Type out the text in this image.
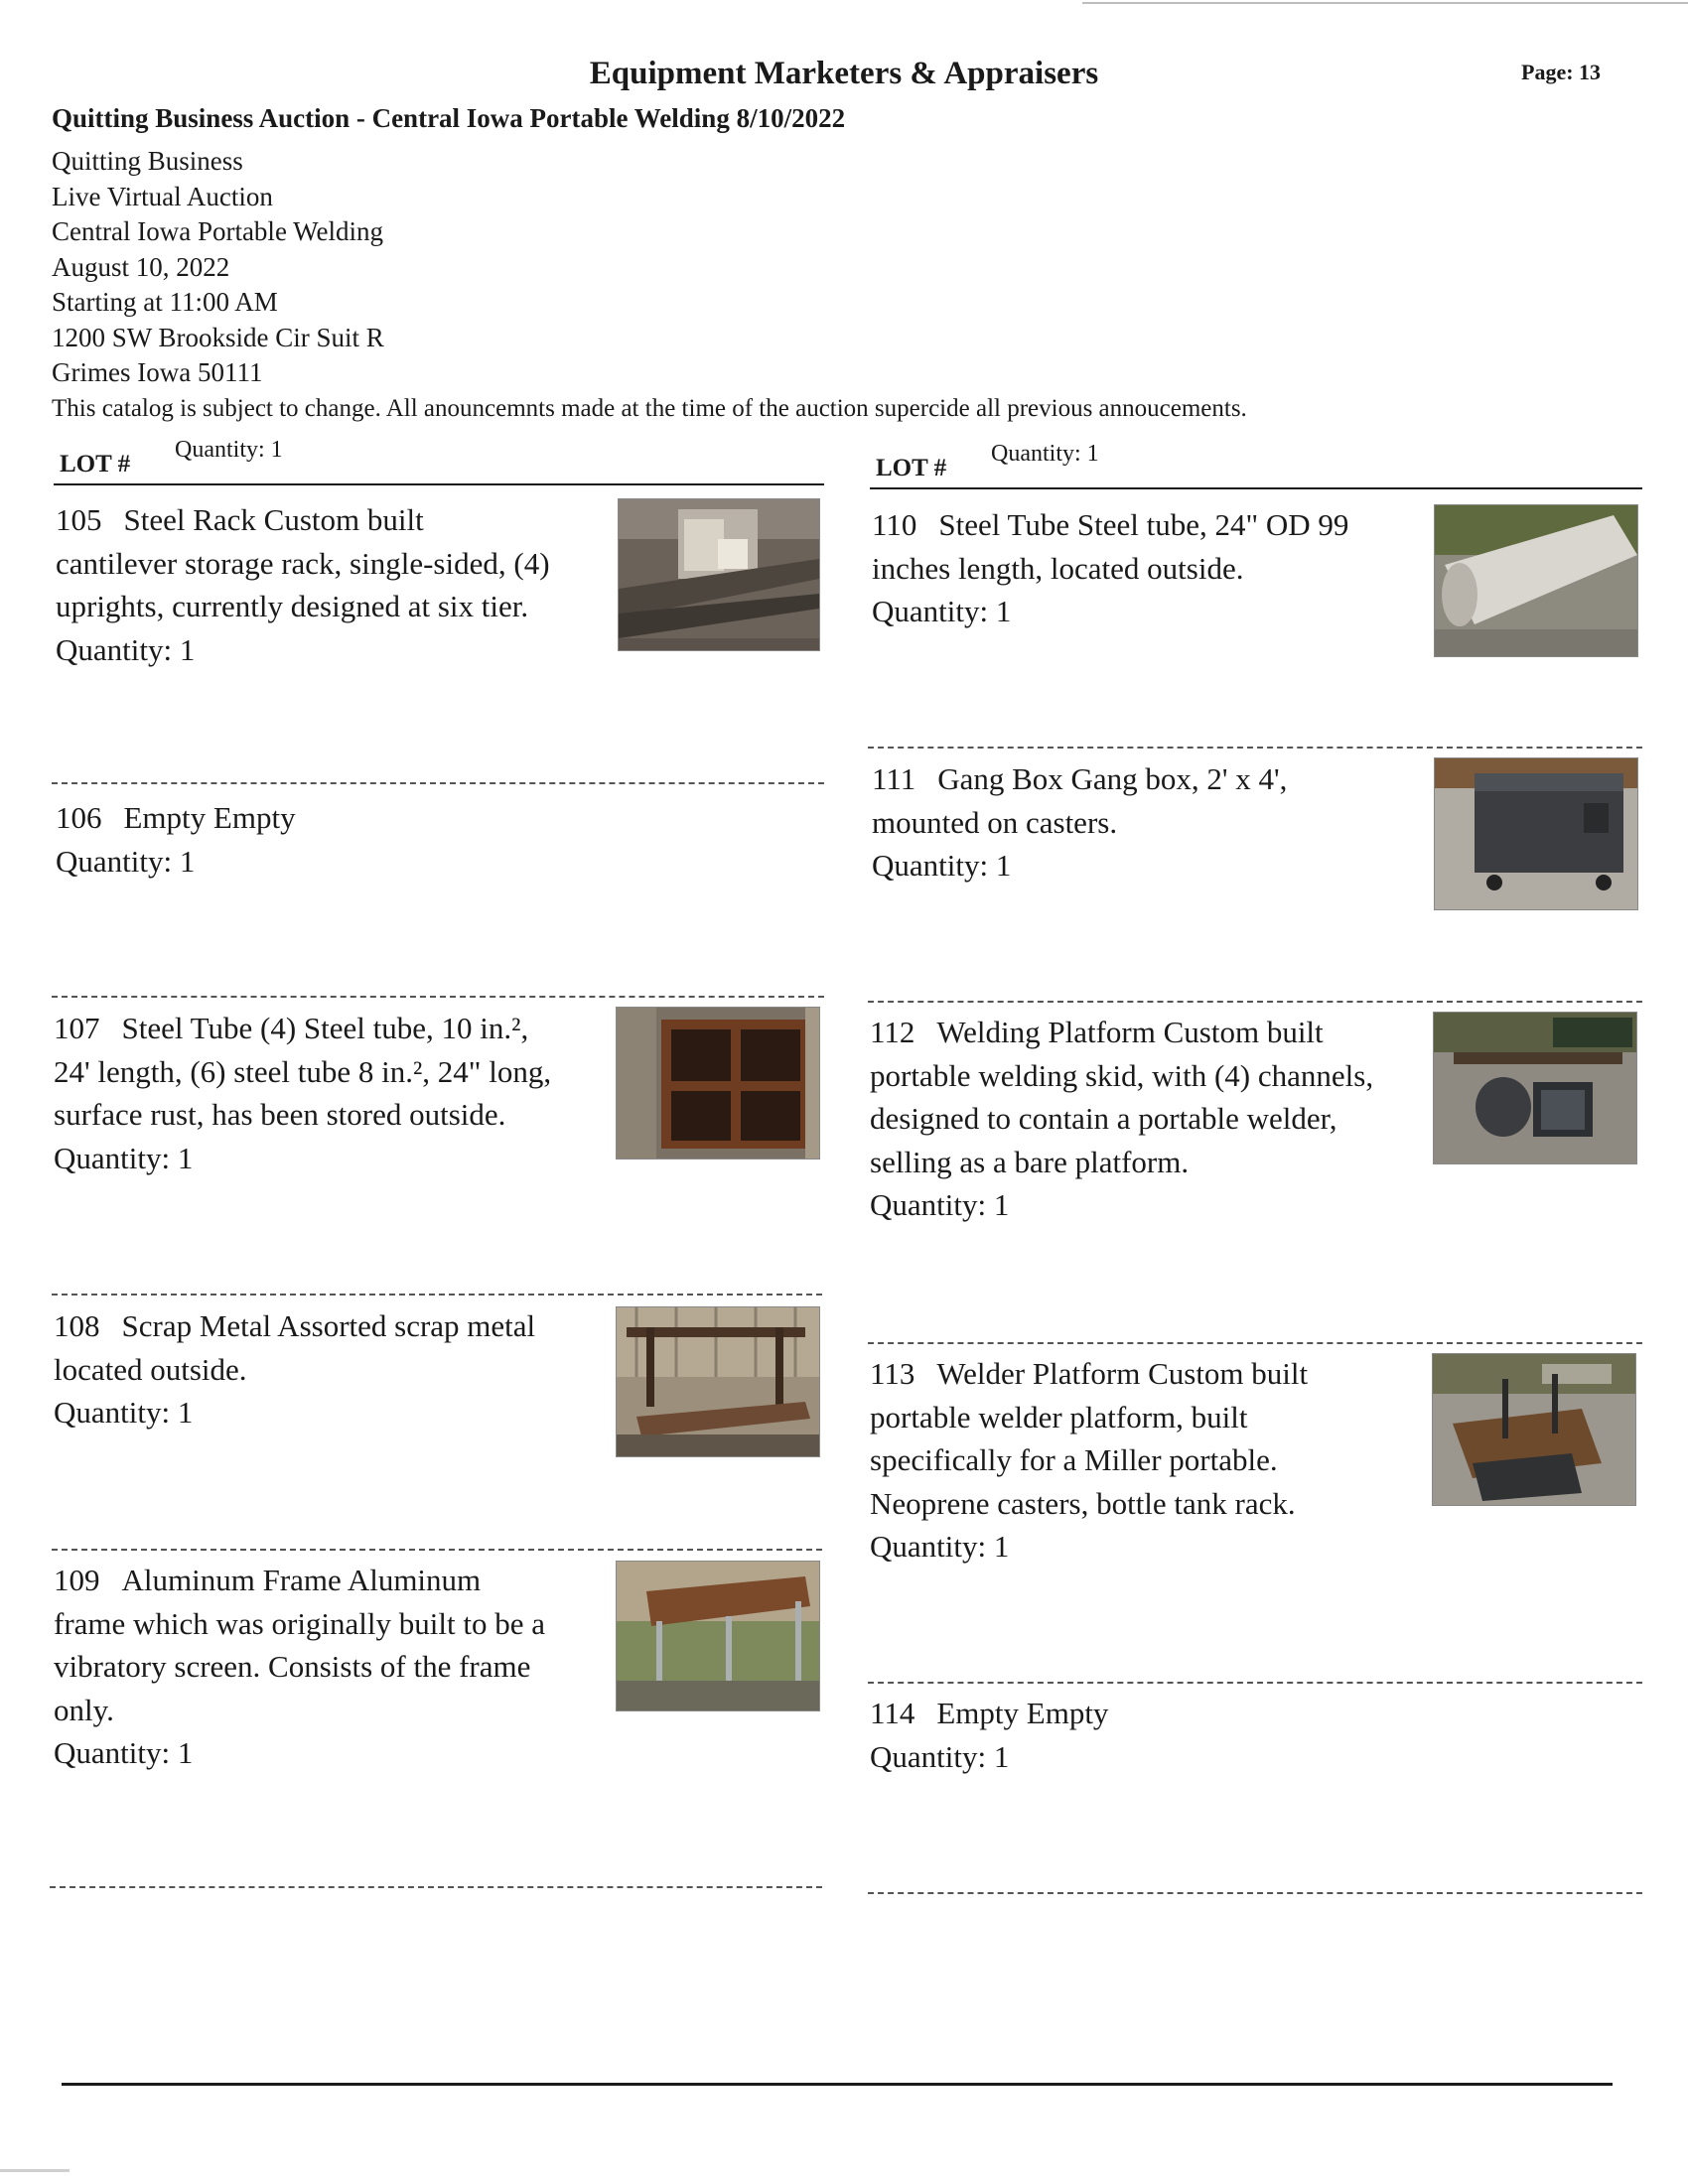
Equipment Marketers & Appraisers	Page: 13
Quitting Business Auction - Central Iowa Portable Welding 8/10/2022
Quitting Business
Live Virtual Auction
Central Iowa Portable Welding
August 10, 2022
Starting at 11:00 AM
1200 SW Brookside Cir Suit R
Grimes Iowa 50111
This catalog is subject to change. All anouncemnts made at the time of the auction supercide all previous annoucements.
LOT #
Quantity: 1
LOT #
Quantity: 1
105 Steel Rack Custom built
cantilever storage rack, single-sided, (4)
uprights, currently designed at six tier.
Quantity: 1
106 Empty Empty
Quantity: 1
107 Steel Tube (4) Steel tube, 10 in.²,
24' length, (6) steel tube 8 in.², 24" long,
surface rust, has been stored outside.
Quantity: 1
108 Scrap Metal Assorted scrap metal
located outside.
Quantity: 1
109 Aluminum Frame Aluminum
frame which was originally built to be a
vibratory screen. Consists of the frame
only.
Quantity: 1
110 Steel Tube Steel tube, 24" OD 99
inches length, located outside.
Quantity: 1
111 Gang Box Gang box, 2' x 4',
mounted on casters.
Quantity: 1
112 Welding Platform Custom built
portable welding skid, with (4) channels,
designed to contain a portable welder,
selling as a bare platform.
Quantity: 1
113 Welder Platform Custom built
portable welder platform, built
specifically for a Miller portable.
Neoprene casters, bottle tank rack.
Quantity: 1
114 Empty Empty
Quantity: 1
